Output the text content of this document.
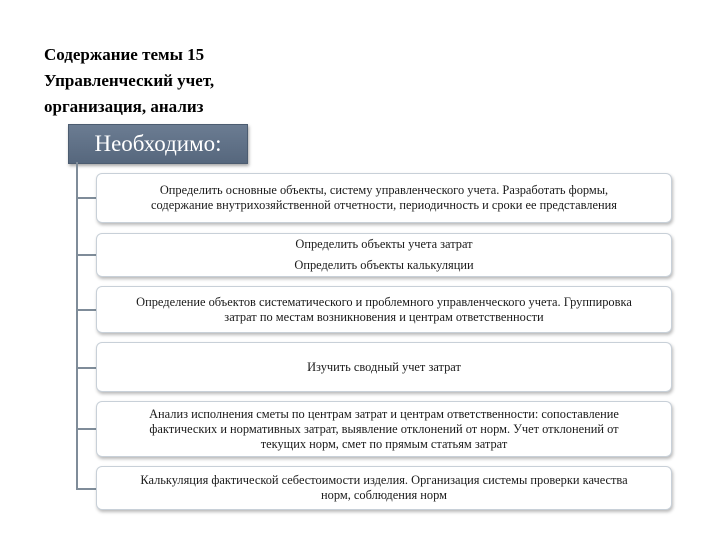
Содержание темы 15
Управленческий учет,
организация, анализ
Необходимо:
Определить основные объекты, систему управленческого учета. Разработать формы,
содержание внутрихозяйственной отчетности, периодичность и сроки ее представления
Определить объекты учета затрат
Определить объекты калькуляции
Определение объектов систематического и проблемного управленческого учета. Группировка
затрат по местам возникновения и центрам ответственности
Изучить сводный учет затрат
Анализ исполнения сметы по центрам затрат и центрам ответственности: сопоставление
фактических и нормативных затрат, выявление отклонений от норм. Учет отклонений от
текущих норм, смет по прямым статьям затрат
Калькуляция фактической себестоимости изделия. Организация системы проверки качества
норм, соблюдения норм
